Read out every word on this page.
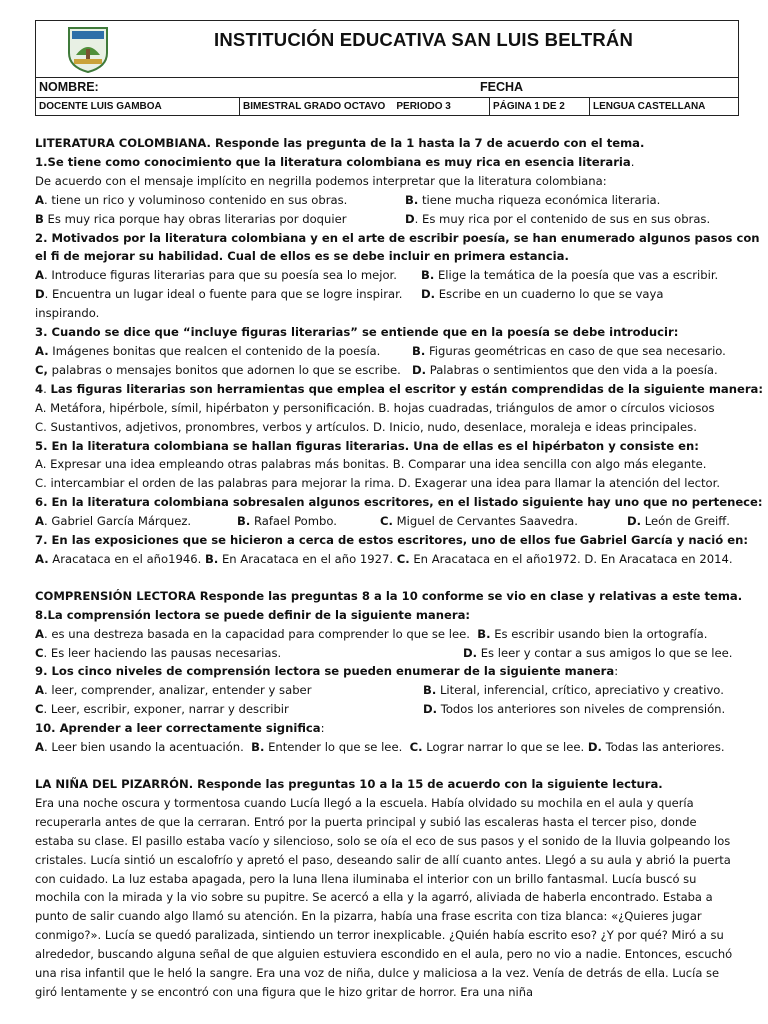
INSTITUCIÓN EDUCATIVA SAN LUIS BELTRÁN
NOMBRE:	FECHA
DOCENTE LUIS GAMBOA	BIMESTRAL GRADO OCTAVO PERIODO 3	PÁGINA 1 DE 2	LENGUA CASTELLANA

LITERATURA COLOMBIANA. Responde las pregunta de la 1 hasta la 7 de acuerdo con el tema.

1.Se tiene como conocimiento que la literatura colombiana es muy rica en esencia literaria.

De acuerdo con el mensaje implícito en negrilla podemos interpretar que la literatura colombiana:

A. tiene un rico y voluminoso contenido en sus obras.	B. tiene mucha riqueza económica literaria.

B Es muy rica porque hay obras literarias por doquier	D. Es muy rica por el contenido de sus en sus obras.

2. Motivados por la literatura colombiana y en el arte de escribir poesía, se han enumerado algunos pasos con

el fi de mejorar su habilidad. Cual de ellos es se debe incluir en primera estancia.

A. Introduce figuras literarias para que su poesía sea lo mejor. B. Elige la temática de la poesía que vas a escribir.

D. Encuentra un lugar ideal o fuente para que se logre inspirar. D. Escribe en un cuaderno lo que se vaya

inspirando.

3. Cuando se dice que “incluye figuras literarias” se entiende que en la poesía se debe introducir:

A. Imágenes bonitas que realcen el contenido de la poesía.	B. Figuras geométricas en caso de que sea necesario.

C, palabras o mensajes bonitos que adornen lo que se escribe. D. Palabras o sentimientos que den vida a la poesía.

4. Las figuras literarias son herramientas que emplea el escritor y están comprendidas de la siguiente manera:

A. Metáfora, hipérbole, símil, hipérbaton y personificación. B. hojas cuadradas, triángulos de amor o círculos viciosos

C. Sustantivos, adjetivos, pronombres, verbos y artículos. D. Inicio, nudo, desenlace, moraleja e ideas principales.

5. En la literatura colombiana se hallan figuras literarias. Una de ellas es el hipérbaton y consiste en:

A. Expresar una idea empleando otras palabras más bonitas. B. Comparar una idea sencilla con algo más elegante.

C. intercambiar el orden de las palabras para mejorar la rima. D. Exagerar una idea para llamar la atención del lector.

6. En la literatura colombiana sobresalen algunos escritores, en el listado siguiente hay uno que no pertenece:

A. Gabriel García Márquez.	B. Rafael Pombo.	C. Miguel de Cervantes Saavedra.	D. León de Greiff.

7. En las exposiciones que se hicieron a cerca de estos escritores, uno de ellos fue Gabriel García y nació en:

A. Aracataca en el año1946. B. En Aracataca en el año 1927. C. En Aracataca en el año1972. D. En Aracataca en 2014.

COMPRENSIÓN LECTORA Responde las preguntas 8 a la 10 conforme se vio en clase y relativas a este tema.

8.La comprensión lectora se puede definir de la siguiente manera:

A. es una destreza basada en la capacidad para comprender lo que se lee. B. Es escribir usando bien la ortografía.

C. Es leer haciendo las pausas necesarias.	D. Es leer y contar a sus amigos lo que se lee.

9. Los cinco niveles de comprensión lectora se pueden enumerar de la siguiente manera:

A. leer, comprender, analizar, entender y saber	B. Literal, inferencial, crítico, apreciativo y creativo.

C. Leer, escribir, exponer, narrar y describir	D. Todos los anteriores son niveles de comprensión.

10. Aprender a leer correctamente significa:

A. Leer bien usando la acentuación. B. Entender lo que se lee. C. Lograr narrar lo que se lee. D. Todas las anteriores.

LA NIÑA DEL PIZARRÓN. Responde las preguntas 10 a la 15 de acuerdo con la siguiente lectura.

Era una noche oscura y tormentosa cuando Lucía llegó a la escuela. Había olvidado su mochila en el aula y quería recuperarla antes de que la cerraran. Entró por la puerta principal y subió las escaleras hasta el tercer piso, donde estaba su clase. El pasillo estaba vacío y silencioso, solo se oía el eco de sus pasos y el sonido de la lluvia golpeando los cristales. Lucía sintió un escalofrío y apretó el paso, deseando salir de allí cuanto antes. Llegó a su aula y abrió la puerta con cuidado. La luz estaba apagada, pero la luna llena iluminaba el interior con un brillo fantasmal. Lucía buscó su mochila con la mirada y la vio sobre su pupitre. Se acercó a ella y la agarró, aliviada de haberla encontrado. Estaba a punto de salir cuando algo llamó su atención. En la pizarra, había una frase escrita con tiza blanca: «¿Quieres jugar conmigo?». Lucía se quedó paralizada, sintiendo un terror inexplicable. ¿Quién había escrito eso? ¿Y por qué? Miró a su alrededor, buscando alguna señal de que alguien estuviera escondido en el aula, pero no vio a nadie. Entonces, escuchó una risa infantil que le heló la sangre. Era una voz de niña, dulce y maliciosa a la vez. Venía de detrás de ella. Lucía se giró lentamente y se encontró con una figura que le hizo gritar de horror. Era una niña
